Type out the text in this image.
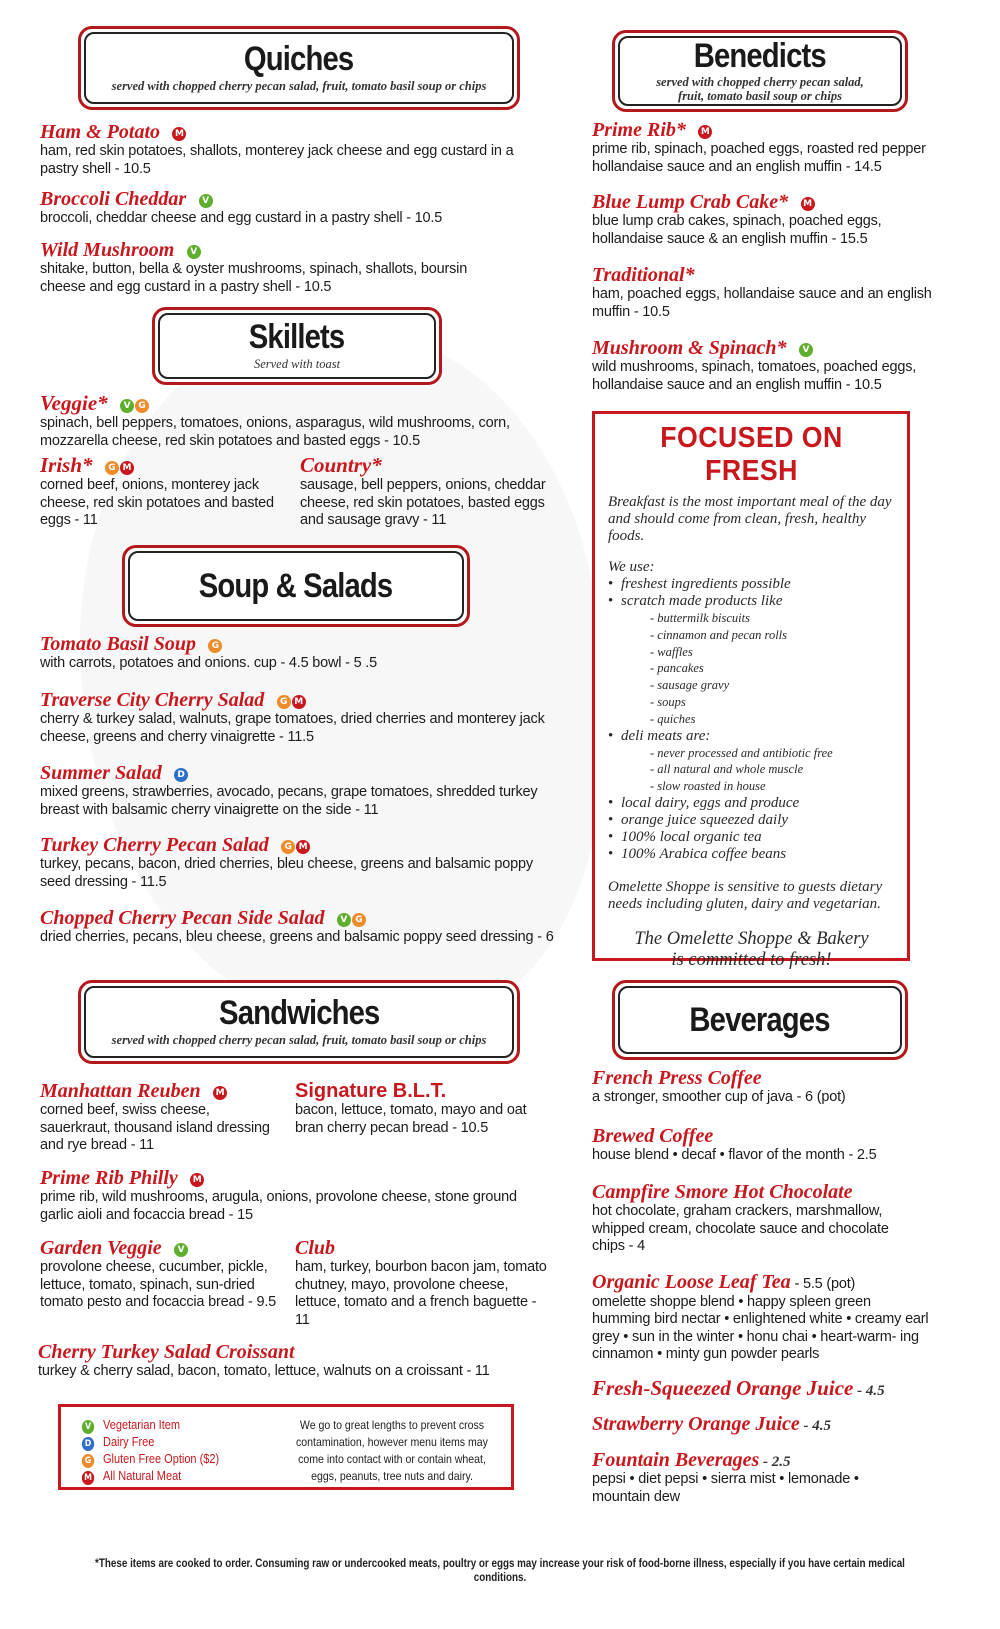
Quiches
served with chopped cherry pecan salad, fruit, tomato basil soup or chips
Ham & Potato M
ham, red skin potatoes, shallots, monterey jack cheese and egg custard in a pastry shell - 10.5
Broccoli Cheddar V
broccoli, cheddar cheese and egg custard in a pastry shell - 10.5
Wild Mushroom V
shitake, button, bella & oyster mushrooms, spinach, shallots, boursin cheese and egg custard in a pastry shell - 10.5
Skillets
Served with toast
Veggie* V G
spinach, bell peppers, tomatoes, onions, asparagus, wild mushrooms, corn, mozzarella cheese, red skin potatoes and basted eggs - 10.5
Irish* G M
corned beef, onions, monterey jack cheese, red skin potatoes and basted eggs - 11
Country*
sausage, bell peppers, onions, cheddar cheese, red skin potatoes, basted eggs and sausage gravy - 11
Soup & Salads
Tomato Basil Soup G
with carrots, potatoes and onions. cup - 4.5 bowl - 5 .5
Traverse City Cherry Salad G M
cherry & turkey salad, walnuts, grape tomatoes, dried cherries and monterey jack cheese, greens and cherry vinaigrette - 11.5
Summer Salad D
mixed greens, strawberries, avocado, pecans, grape tomatoes, shredded turkey breast with balsamic cherry vinaigrette on the side - 11
Turkey Cherry Pecan Salad G M
turkey, pecans, bacon, dried cherries, bleu cheese, greens and balsamic poppy seed dressing - 11.5
Chopped Cherry Pecan Side Salad V G
dried cherries, pecans, bleu cheese, greens and balsamic poppy seed dressing - 6
Sandwiches
served with chopped cherry pecan salad, fruit, tomato basil soup or chips
Manhattan Reuben M
corned beef, swiss cheese, sauerkraut, thousand island dressing and rye bread - 11
Signature B.L.T.
bacon, lettuce, tomato, mayo and oat bran cherry pecan bread - 10.5
Prime Rib Philly M
prime rib, wild mushrooms, arugula, onions, provolone cheese, stone ground garlic aioli and focaccia bread - 15
Garden Veggie V
provolone cheese, cucumber, pickle, lettuce, tomato, spinach, sun-dried tomato pesto and focaccia bread - 9.5
Club
ham, turkey, bourbon bacon jam, tomato chutney, mayo, provolone cheese, lettuce, tomato and a french baguette - 11
Cherry Turkey Salad Croissant
turkey & cherry salad, bacon, tomato, lettuce, walnuts on a croissant - 11
V Vegetarian Item
D Dairy Free
G Gluten Free Option ($2)
M All Natural Meat
We go to great lengths to prevent cross contamination, however menu items may come into contact with or contain wheat, eggs, peanuts, tree nuts and dairy.
Benedicts
served with chopped cherry pecan salad,
fruit, tomato basil soup or chips
Prime Rib* M
prime rib, spinach, poached eggs, roasted red pepper hollandaise sauce and an english muffin - 14.5
Blue Lump Crab Cake* M
blue lump crab cakes, spinach, poached eggs, hollandaise sauce & an english muffin - 15.5
Traditional*
ham, poached eggs, hollandaise sauce and an english muffin - 10.5
Mushroom & Spinach* V
wild mushrooms, spinach, tomatoes, poached eggs, hollandaise sauce and an english muffin - 10.5
FOCUSED ON FRESH

Breakfast is the most important meal of the day and should come from clean, fresh, healthy foods.

We use:

• freshest ingredients possible
• scratch made products like
- buttermilk biscuits
- cinnamon and pecan rolls
- waffles
- pancakes
- sausage gravy
- soups
- quiches
• deli meats are:
- never processed and antibiotic free
- all natural and whole muscle
- slow roasted in house
• local dairy, eggs and produce
• orange juice squeezed daily
• 100% local organic tea
• 100% Arabica coffee beans

Omelette Shoppe is sensitive to guests dietary needs including gluten, dairy and vegetarian.

The Omelette Shoppe & Bakery

is committed to fresh!

Beverages
French Press Coffee
a stronger, smoother cup of java - 6 (pot)
Brewed Coffee
house blend • decaf • flavor of the month - 2.5
Campfire Smore Hot Chocolate
hot chocolate, graham crackers, marshmallow, whipped cream, chocolate sauce and chocolate chips - 4
Organic Loose Leaf Tea - 5.5 (pot)
omelette shoppe blend • happy spleen green humming bird nectar • enlightened white • creamy earl grey • sun in the winter • honu chai • heart-warm- ing cinnamon • minty gun powder pearls
Fresh-Squeezed Orange Juice - 4.5
Strawberry Orange Juice - 4.5
Fountain Beverages - 2.5
pepsi • diet pepsi • sierra mist • lemonade • mountain dew
*These items are cooked to order. Consuming raw or undercooked meats, poultry or eggs may increase your risk of food-borne illness, especially if you have certain medical conditions.
